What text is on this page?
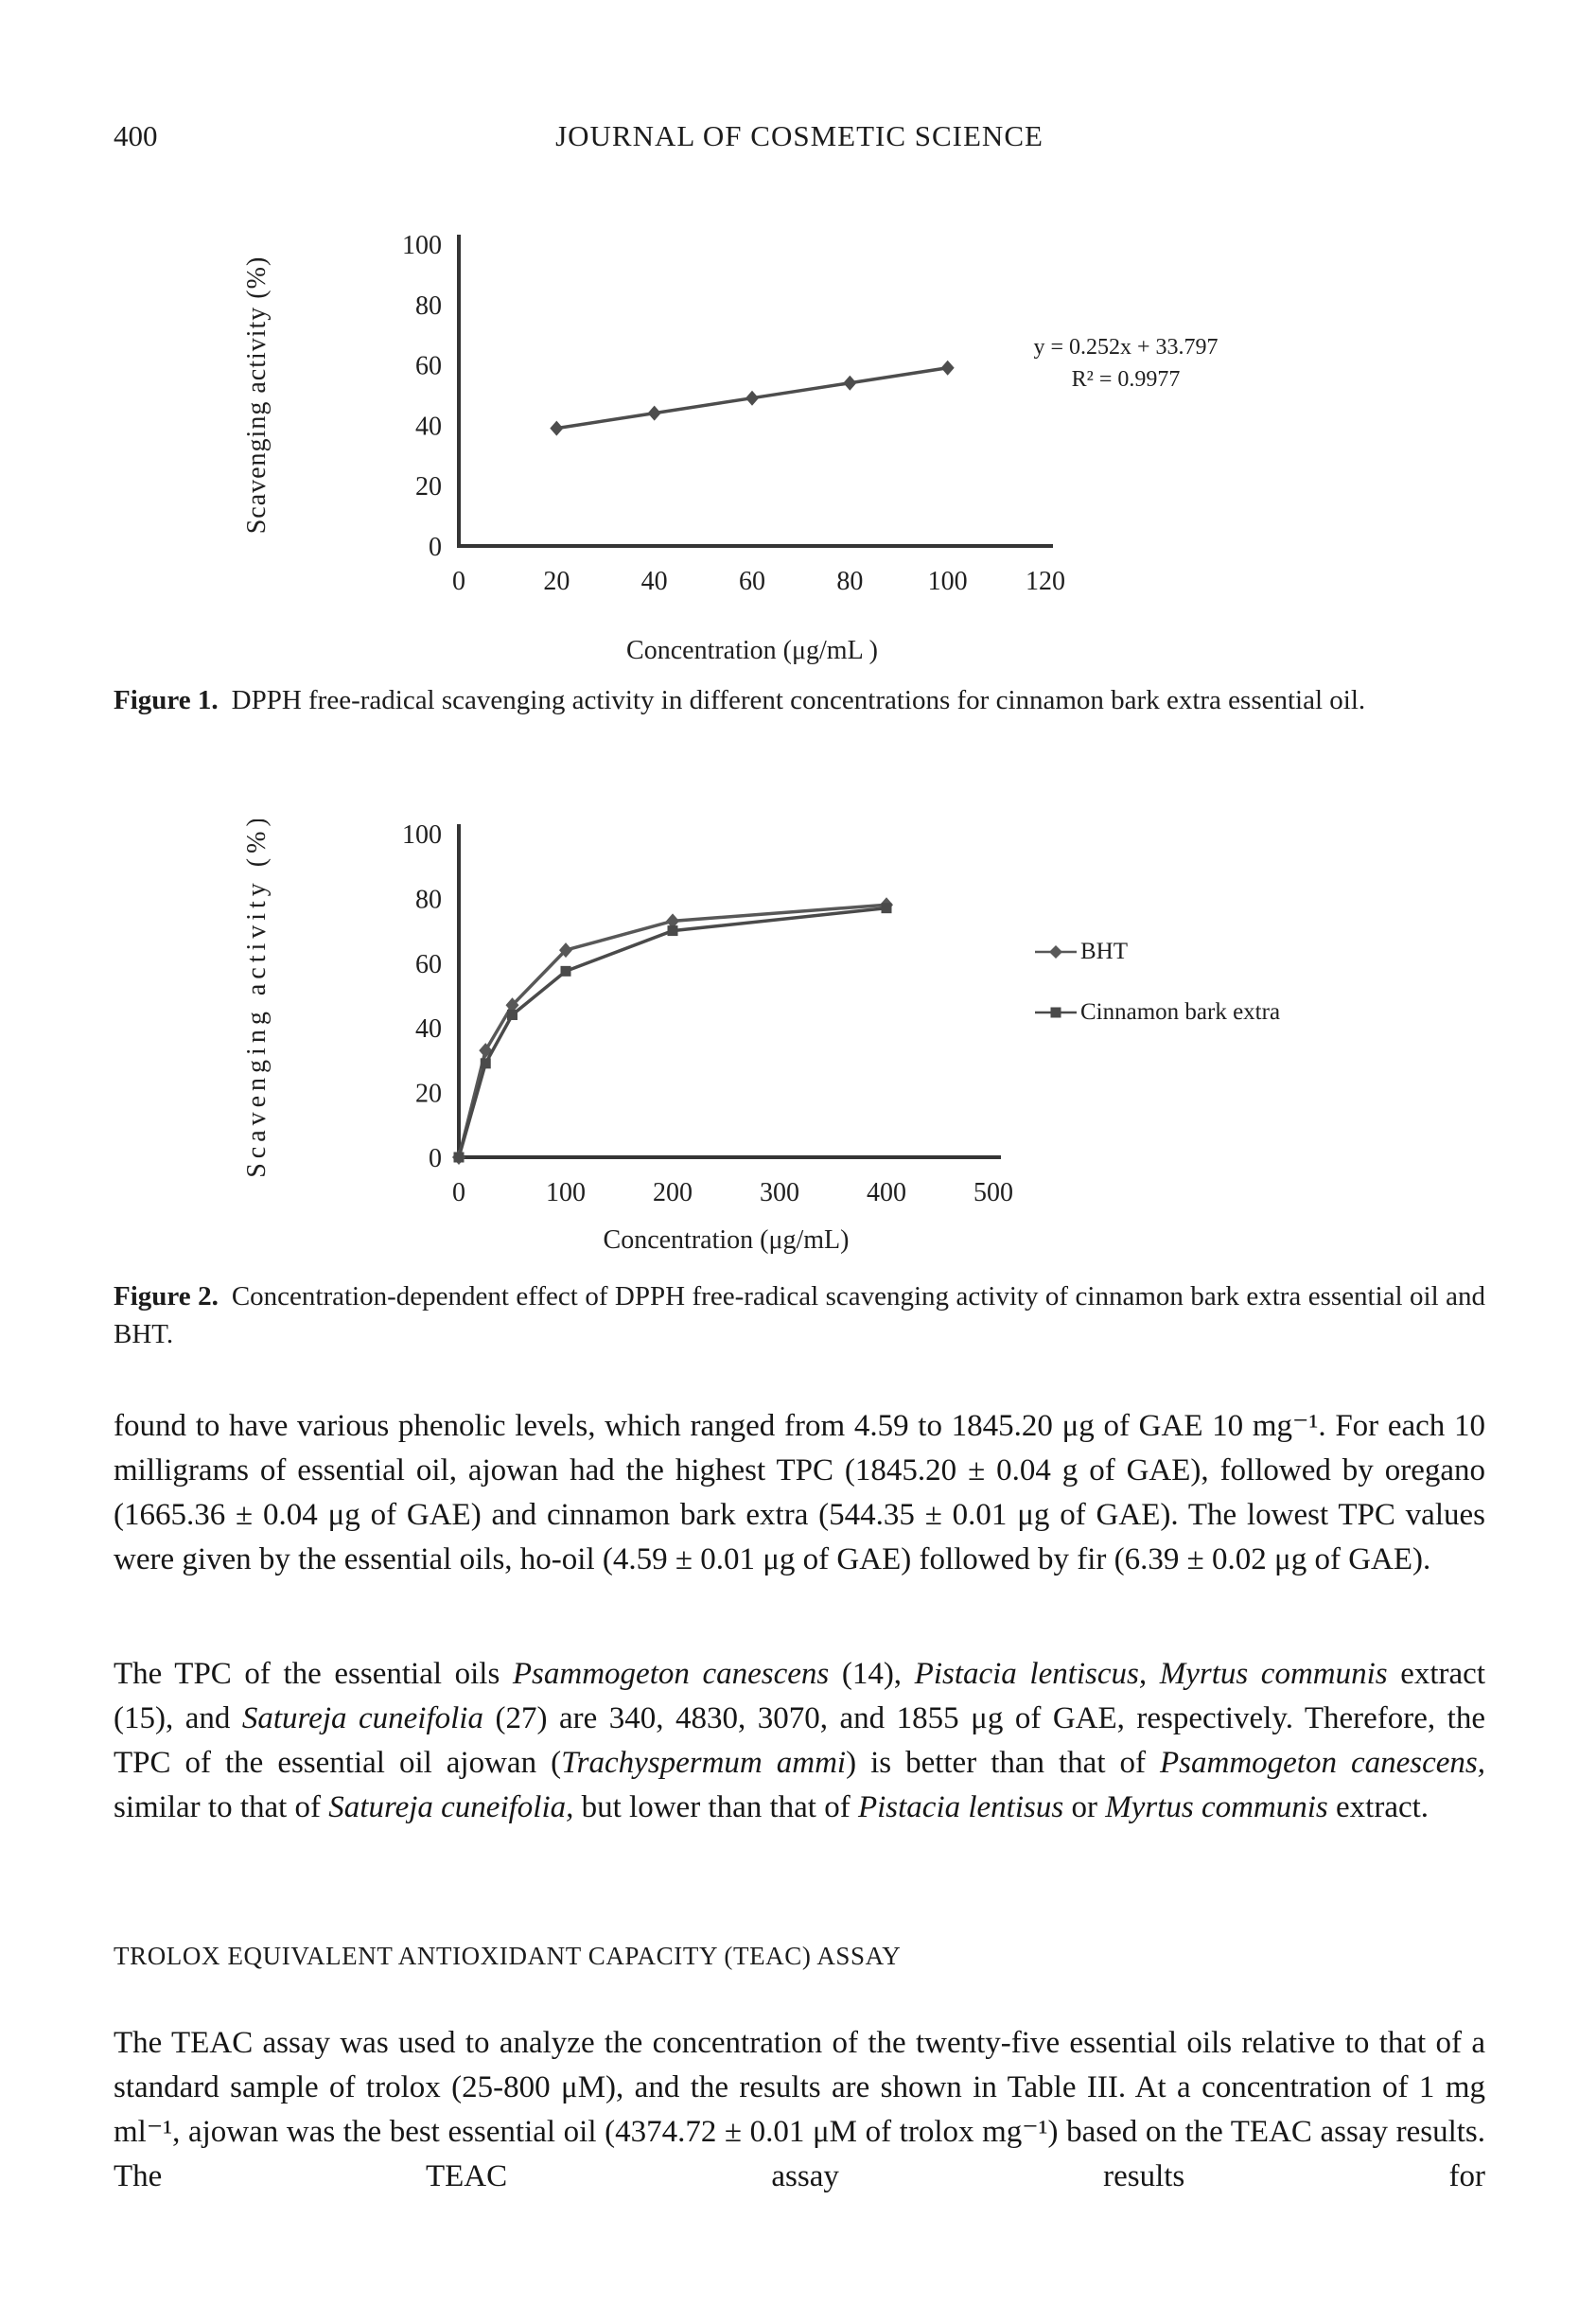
400	JOURNAL OF COSMETIC SCIENCE
0
20
40
60
80
100
0	20	40	60	80 100 120
Concentration (μg/mL )
Scavenging activity (%)	y = 0.252x + 33.797
R² = 0.9977
Figure 1. DPPH free-radical scavenging activity in different concentrations for cinnamon bark extra essential oil.
0
20
40
60
80
100
0	100	200	300	400	500
Concentration (μg/mL)
Scavenging activity (%)	BHT
Cinnamon bark extra
Figure 2. Concentration-dependent effect of DPPH free-radical scavenging activity of cinnamon bark extra essential oil and BHT.
found to have various phenolic levels, which ranged from 4.59 to 1845.20 μg of GAE 10 mg⁻¹. For each 10 milligrams of essential oil, ajowan had the highest TPC (1845.20 ± 0.04 g of GAE), followed by oregano (1665.36 ± 0.04 μg of GAE) and cinnamon bark extra (544.35 ± 0.01 μg of GAE). The lowest TPC values were given by the essential oils, ho-oil (4.59 ± 0.01 μg of GAE) followed by fir (6.39 ± 0.02 μg of GAE).
The TPC of the essential oils Psammogeton canescens (14), Pistacia lentiscus, Myrtus communis extract (15), and Satureja cuneifolia (27) are 340, 4830, 3070, and 1855 μg of GAE, respectively. Therefore, the TPC of the essential oil ajowan (Trachyspermum ammi) is better than that of Psammogeton canescens, similar to that of Satureja cuneifolia, but lower than that of Pistacia lentisus or Myrtus communis extract.
TROLOX EQUIVALENT ANTIOXIDANT CAPACITY (TEAC) ASSAY
The TEAC assay was used to analyze the concentration of the twenty-five essential oils relative to that of a standard sample of trolox (25-800 μM), and the results are shown in Table III. At a concentration of 1 mg ml⁻¹, ajowan was the best essential oil (4374.72 ± 0.01 μM of trolox mg⁻¹) based on the TEAC assay results. The TEAC assay results for
